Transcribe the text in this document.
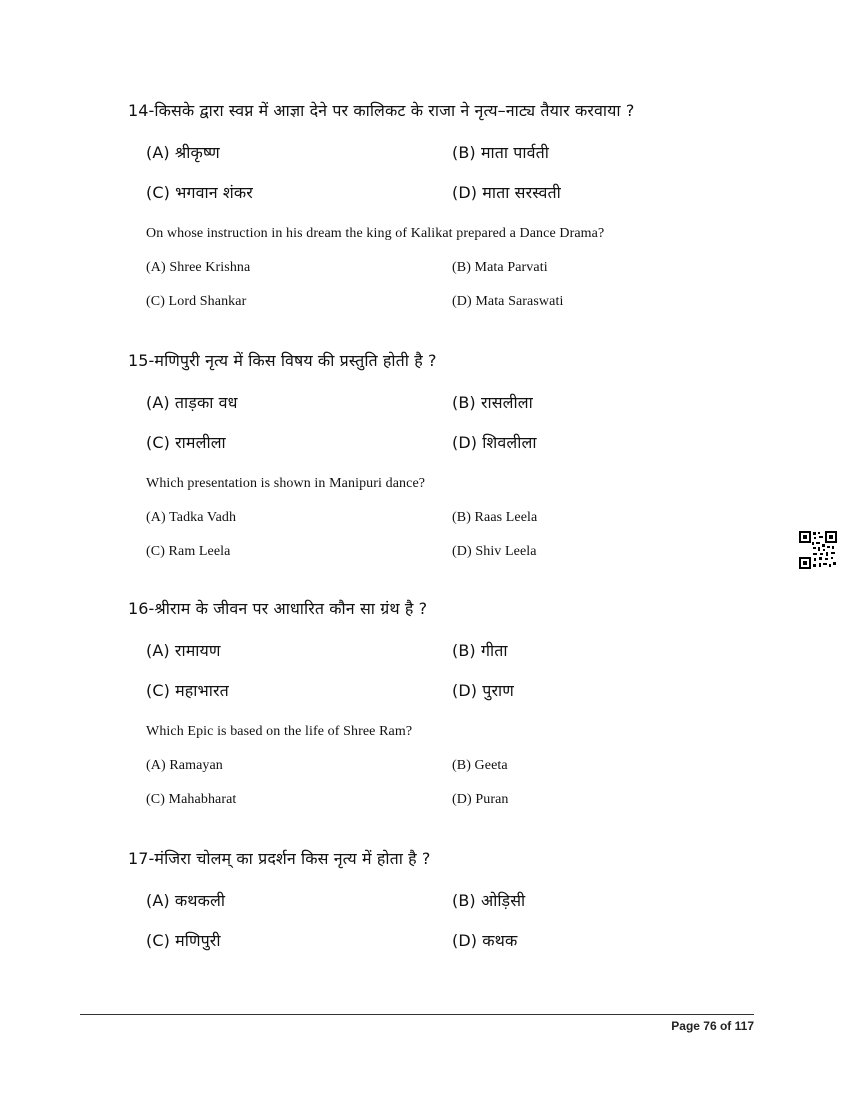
14-किसके द्वारा स्वप्न में आज्ञा देने पर कालिकट के राजा ने नृत्य–नाट्य तैयार करवाया ?
(A) श्रीकृष्ण	(B) माता पार्वती
(C) भगवान शंकर	(D) माता सरस्वती
On whose instruction in his dream the king of Kalikat prepared a Dance Drama?
(A) Shree Krishna	(B) Mata Parvati
(C) Lord Shankar	(D) Mata Saraswati
15-मणिपुरी नृत्य में किस विषय की प्रस्तुति होती है ?
(A) ताड़का वध	(B) रासलीला
(C) रामलीला	(D) शिवलीला
Which presentation is shown in Manipuri dance?
(A) Tadka Vadh	(B) Raas Leela
(C) Ram Leela	(D) Shiv Leela
16-श्रीराम के जीवन पर आधारित कौन सा ग्रंथ है ?
(A) रामायण	(B) गीता
(C) महाभारत	(D) पुराण
Which Epic is based on the life of Shree Ram?
(A) Ramayan	(B) Geeta
(C) Mahabharat	(D) Puran
17-मंजिरा चोलम् का प्रदर्शन किस नृत्य में होता है ?
(A) कथकली	(B) ओड़िसी
(C) मणिपुरी	(D) कथक
Page 76 of 117
